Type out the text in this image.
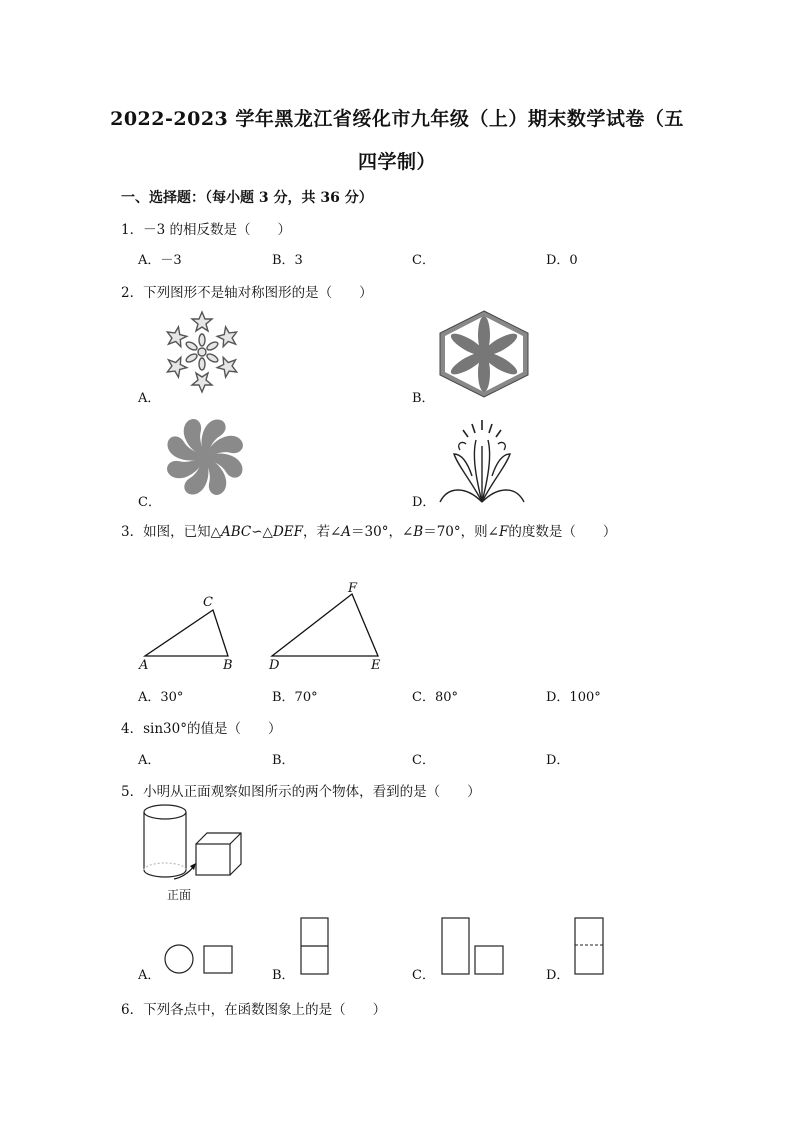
2022-2023 学年黑龙江省绥化市九年级（上）期末数学试卷（五
四学制）
一、选择题：（每小题 3 分，共 36 分）
1．－3 的相反数是（　　）
A．－3	B．3	C．	D．0
2．下列图形不是轴对称图形的是（　　）
A．	B．
C．	D．
3．如图，已知△ABC∽△DEF，若∠A＝30°，∠B＝70°，则∠F的度数是（　　）
A	B
C
D	E
F
A．30°	B．70°	C．80°	D．100°
4．sin30°的值是（　　）
A．	B．	C．	D．
5．小明从正面观察如图所示的两个物体，看到的是（　　）
正面
A．	B．	C．	D．
6．下列各点中，在函数图象上的是（　　）
